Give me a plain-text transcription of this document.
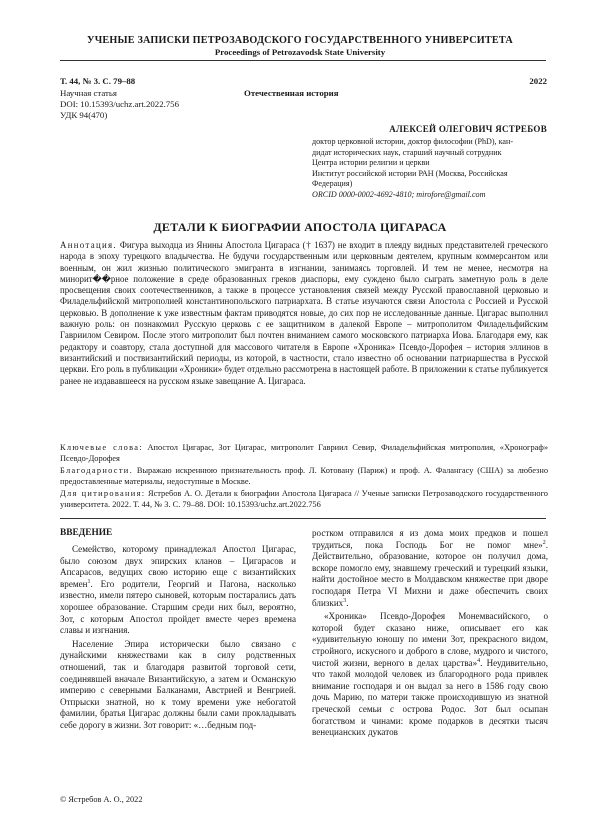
УЧЕНЫЕ ЗАПИСКИ ПЕТРОЗАВОДСКОГО ГОСУДАРСТВЕННОГО УНИВЕРСИТЕТА
Proceedings of Petrozavodsk State University
Т. 44, № 3. С. 79–88	2022
Научная статья	Отечественная история
DOI: 10.15393/uchz.art.2022.756
УДК 94(470)
АЛЕКСЕЙ ОЛЕГОВИЧ ЯСТРЕБОВ
доктор церковной истории, доктор философии (PhD), кан-
дидат исторических наук, старший научный сотрудник
Центра истории религии и церкви
Институт российской истории РАН (Москва, Российская
Федерация)
ORCID 0000-0002-4692-4810; mirofore@gmail.com
ДЕТАЛИ К БИОГРАФИИ АПОСТОЛА ЦИГАРАСА
Аннотация. Фигура выходца из Янины Апостола Цигараса († 1637) не входит в плеяду видных представителей греческого народа в эпоху турецкого владычества. Не будучи государственным или церковным деятелем, крупным коммерсантом или военным, он жил жизнью политического эмигранта в изгнании, занимаясь торговлей. И тем не менее, несмотря на минорит��рное положение в среде образованных греков диаспоры, ему суждено было сыграть заметную роль в деле просвещения своих соотечественников, а также в процессе установления связей между Русской православной церковью и Филадельфийской митрополией константинопольского патриархата. В статье изучаются связи Апостола с Россией и Русской церковью. В дополнение к уже известным фактам приводятся новые, до сих пор не исследованные данные. Цигарас выполнил важную роль: он познакомил Русскую церковь с ее защитником в далекой Европе – митрополитом Филадельфийским Гавриилом Севиром. После этого митрополит был почтен вниманием самого московского патриарха Иова. Благодаря ему, как редактору и соавтору, стала доступной для массового читателя в Европе «Хроника» Псевдо-Дорофея – история эллинов в византийский и поствизантийский периоды, из которой, в частности, стало известно об основании патриаршества в Русской церкви. Его роль в публикации «Хроники» будет отдельно рассмотрена в настоящей работе. В приложении к статье публикуется ранее не издававшееся на русском языке завещание А. Цигараса.
Ключевые слова: Апостол Цигарас, Зот Цигарас, митрополит Гавриил Севир, Филадельфийская митрополия, «Хронограф» Псевдо-Дорофея
Благодарности. Выражаю искреннюю признательность проф. Л. Котовану (Париж) и проф. А. Фалангасу (США) за любезно предоставленные материалы, недоступные в Москве.
Для цитирования: Ястребов А. О. Детали к биографии Апостола Цигараса // Ученые записки Петрозаводского государственного университета. 2022. Т. 44, № 3. С. 79–88. DOI: 10.15393/uchz.art.2022.756
ВВЕДЕНИЕ

Семейство, которому принадлежал Апостол Цигарас, было союзом двух эпирских кланов – Цигарасов и Апсарасов, ведущих свою историю еще с византийских времен$^1$. Его родители, Георгий и Пагона, насколько известно, имели пятеро сыновей, которым постарались дать хорошее образование. Старшим среди них был, вероятно, Зот, с которым Апостол пройдет вместе через времена славы и изгнания.

Население Эпира исторически было связано с дунайскими княжествами как в силу родственных отношений, так и благодаря развитой торговой сети, соединявшей вначале Византийскую, а затем и Османскую империю с северными Балканами, Австрией и Венгрией. Отпрыски знатной, но к тому времени уже небогатой фамилии, братья Цигарас должны были сами прокладывать себе дорогу в жизни. Зот говорит: «…бедным под-

ростком отправился я из дома моих предков и пошел трудиться, пока Господь Бог не помог мне»$^2$. Действительно, образование, которое он получил дома, вскоре помогло ему, знавшему греческий и турецкий языки, найти достойное место в Молдавском княжестве при дворе господаря Петра VI Михни и даже обеспечить своих близких$^3$.

«Хроника» Псевдо-Дорофея Монемвасийского, о которой будет сказано ниже, описывает его как «удивительную юношу по имени Зот, прекрасного видом, стройного, искусного и доброго в слове, мудрого и чистого, чистой жизни, верного в делах царства»$^4$. Неудивительно, что такой молодой человек из благородного рода привлек внимание господаря и он выдал за него в 1586 году свою дочь Марию, по матери также происходившую из знатной греческой семьи с острова Родос. Зот был осыпан богатством и чинами: кроме подарков в десятки тысяч венецианских дукатов

© Ястребов А. О., 2022
